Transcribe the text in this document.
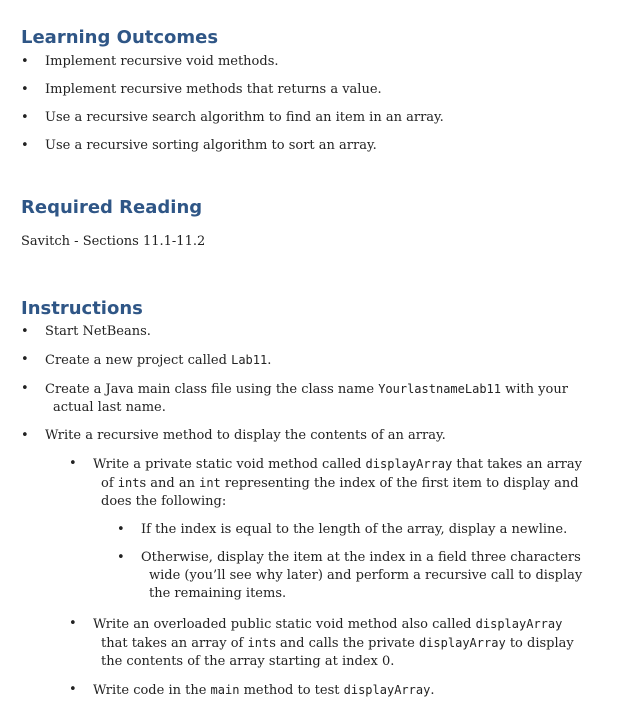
Learning Outcomes
• Implement recursive void methods.
• Implement recursive methods that returns a value.
• Use a recursive search algorithm to find an item in an array.
• Use a recursive sorting algorithm to sort an array.
Required Reading

Savitch - Sections 11.1-11.2

Instructions
• Start NetBeans.
• Create a new project called Lab11.
• Create a Java main class file using the class name YourlastnameLab11 with your actual last name.
• Write a recursive method to display the contents of an array.
• Write a private static void method called displayArray that takes an array of ints and an int representing the index of the first item to display and does the following:
• If the index is equal to the length of the array, display a newline.
• Otherwise, display the item at the index in a field three characters wide (you’ll see why later) and perform a recursive call to display the remaining items.
• Write an overloaded public static void method also called displayArray that takes an array of ints and calls the private displayArray to display the contents of the array starting at index 0.
• Write code in the main method to test displayArray.
